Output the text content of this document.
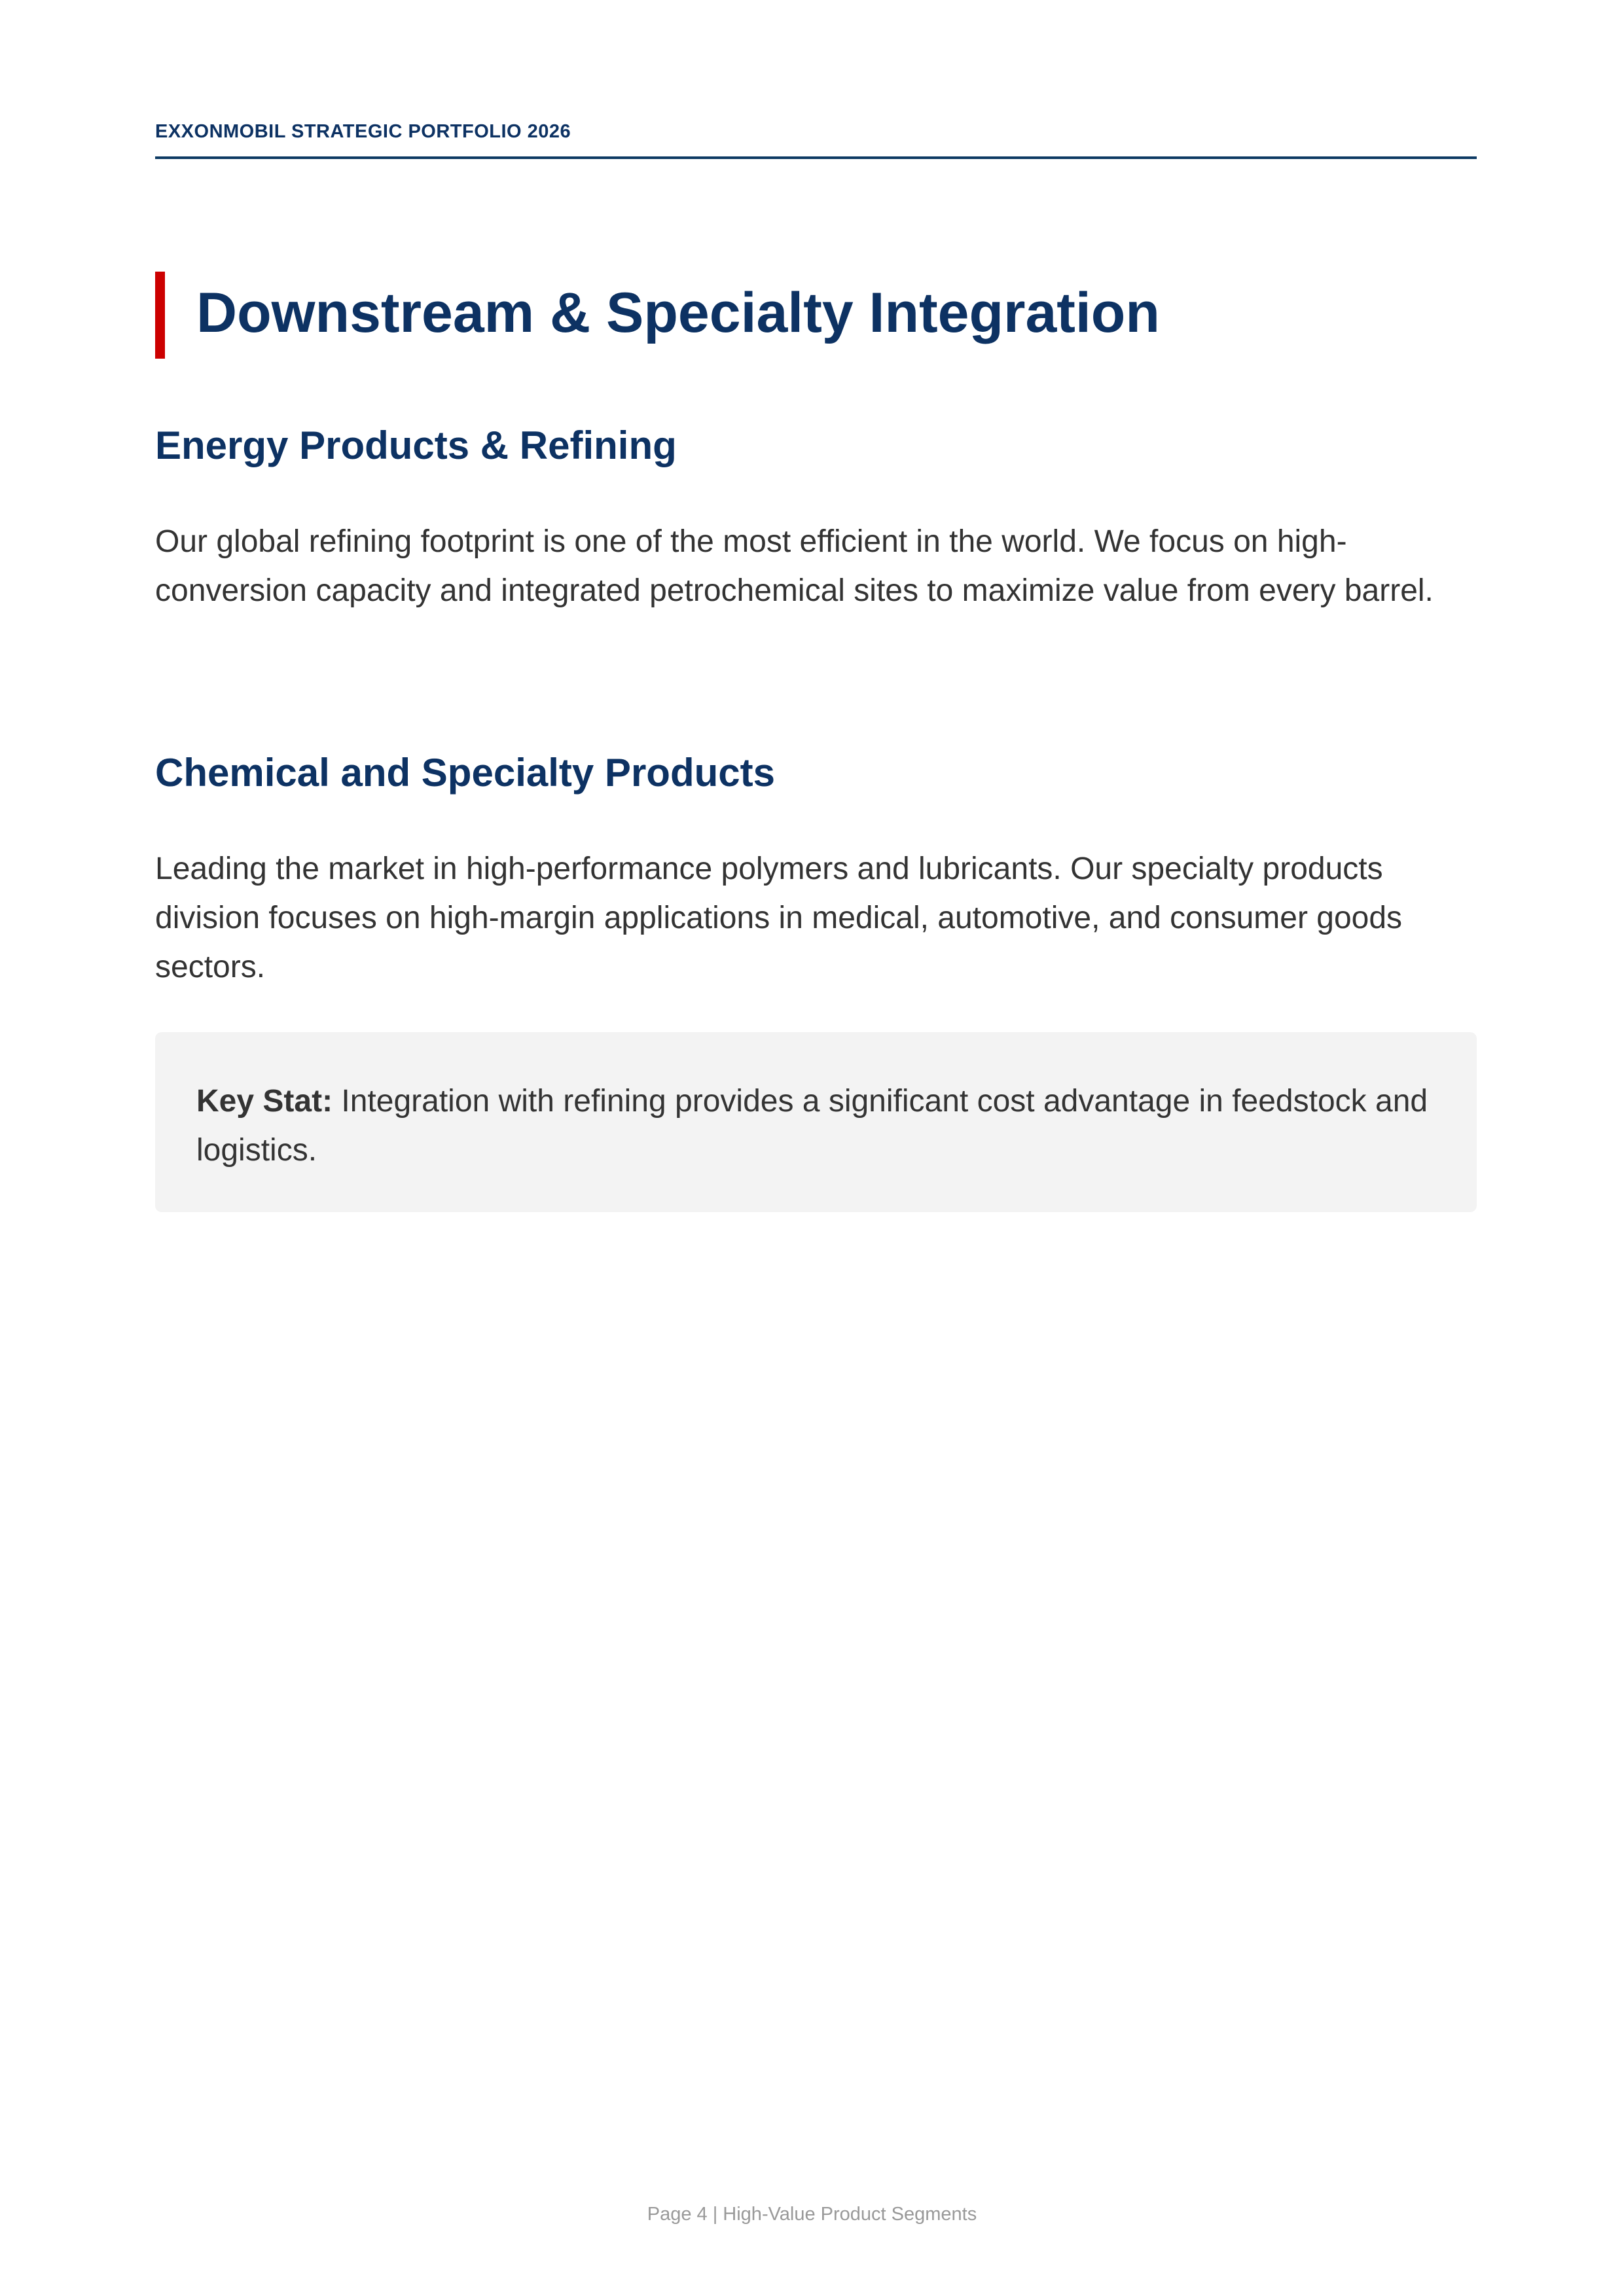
EXXONMOBIL STRATEGIC PORTFOLIO 2026
Downstream & Specialty Integration
Energy Products & Refining

Our global refining footprint is one of the most efficient in the world. We focus on high-conversion capacity and integrated petrochemical sites to maximize value from every barrel.

Chemical and Specialty Products

Leading the market in high-performance polymers and lubricants. Our specialty products division focuses on high-margin applications in medical, automotive, and consumer goods sectors.

Key Stat: Integration with refining provides a significant cost advantage in feedstock and logistics.

Page 4 | High-Value Product Segments
